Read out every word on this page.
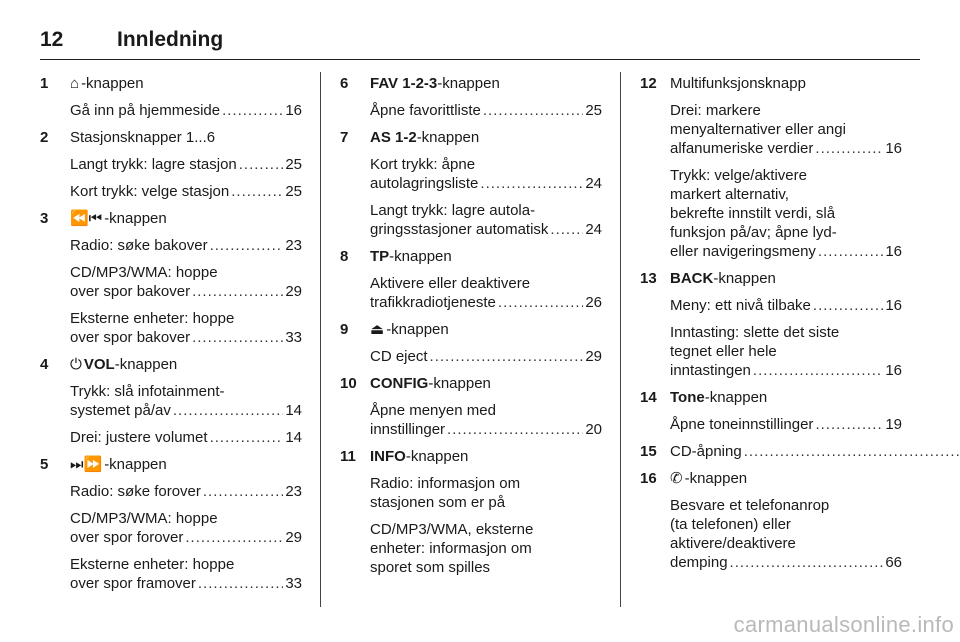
12	Innledning
1	⌂ -knappen
Gå inn på hjemmeside .....	16
2	Stasjonsknapper 1...6
Langt trykk: lagre stasjon .....	25
Kort trykk: velge stasjon .....	25
3	⏪⏮ -knappen
Radio: søke bakover .....	23
CD/MP3/WMA: hoppe
over spor bakover .....	29
Eksterne enheter: hoppe
over spor bakover .....	33
4	⏻ VOL-knappen
Trykk: slå infotainment-
systemet på/av .....	14
Drei: justere volumet .....	14
5	⏭⏩ -knappen
Radio: søke forover .....	23
CD/MP3/WMA: hoppe
over spor forover .....	29
Eksterne enheter: hoppe
over spor framover .....	33
6	FAV 1-2-3-knappen
Åpne favorittliste .....	25
7	AS 1-2-knappen
Kort trykk: åpne
autolagringsliste .....	24
Langt trykk: lagre autola-
gringsstasjoner automatisk ..... 24
8	TP-knappen
Aktivere eller deaktivere
trafikkradiotjeneste .....	26
9	⏏ -knappen
CD eject .....	29
10 CONFIG-knappen
Åpne menyen med
innstillinger .....	20
11 INFO-knappen
Radio: informasjon om
stasjonen som er på
CD/MP3/WMA, eksterne
enheter: informasjon om
sporet som spilles
12 Multifunksjonsknapp
Drei: markere
menyalternativer eller angi
alfanumeriske verdier .....	16
Trykk: velge/aktivere
markert alternativ,
bekrefte innstilt verdi, slå
funksjon på/av; åpne lyd-
eller navigeringsmeny .....	16
13 BACK-knappen
Meny: ett nivå tilbake .....	16
Inntasting: slette det siste
tegnet eller hele
inntastingen .....	16
14 Tone-knappen
Åpne toneinnstillinger .....	19
15 CD-åpning
.....
16 ✆ -knappen
Besvare et telefonanrop
(ta telefonen) eller
aktivere/deaktivere
demping .....	66
carmanualsonline.info
